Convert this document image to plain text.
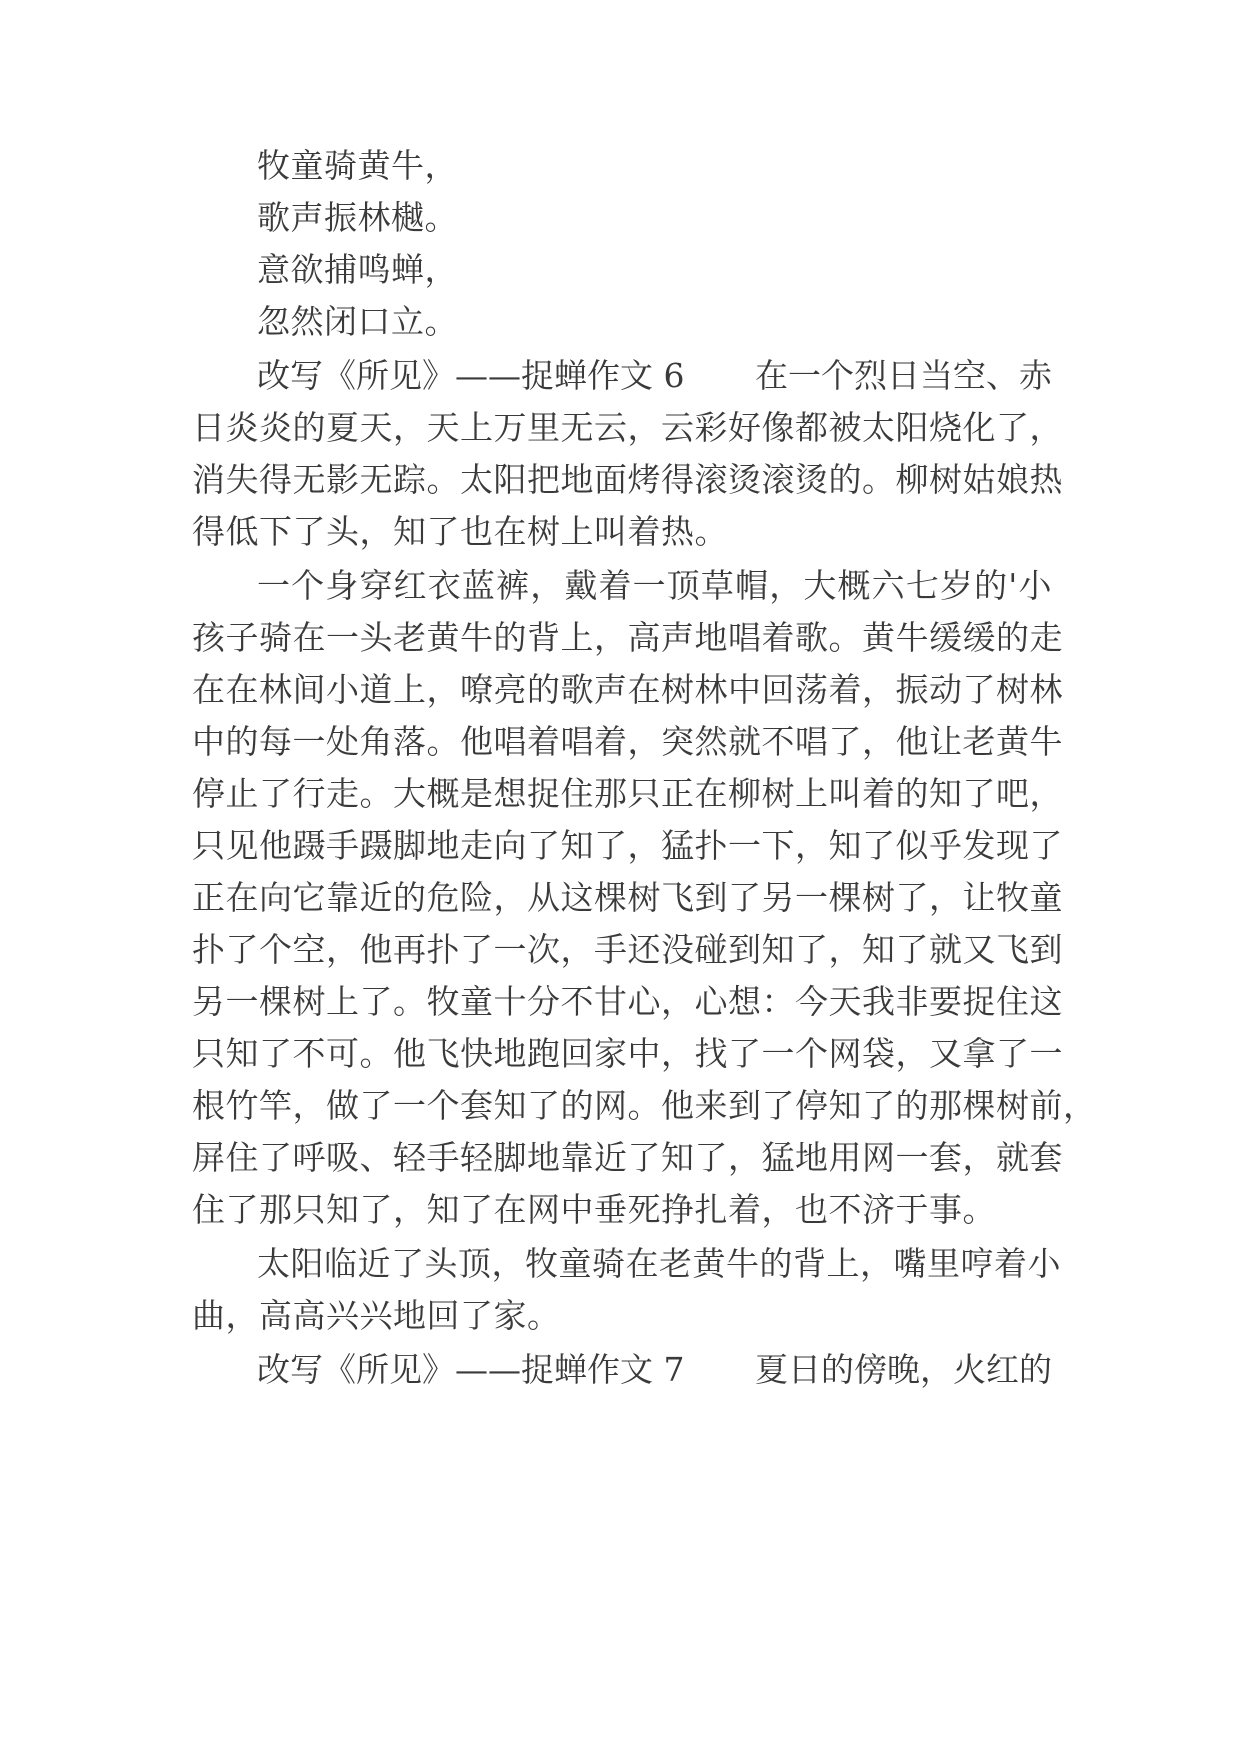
牧童骑黄牛，
歌声振林樾。
意欲捕鸣蝉，
忽然闭口立。
改写《所见》——捉蝉作文 6	在一个烈日当空、赤
日炎炎的夏天，天上万里无云，云彩好像都被太阳烧化了，
消失得无影无踪。太阳把地面烤得滚烫滚烫的。柳树姑娘热
得低下了头，知了也在树上叫着热。
一个身穿红衣蓝裤，戴着一顶草帽，大概六七岁的'小
孩子骑在一头老黄牛的背上，高声地唱着歌。黄牛缓缓的走
在在林间小道上，嘹亮的歌声在树林中回荡着，振动了树林
中的每一处角落。他唱着唱着，突然就不唱了，他让老黄牛
停止了行走。大概是想捉住那只正在柳树上叫着的知了吧，
只见他蹑手蹑脚地走向了知了，猛扑一下，知了似乎发现了
正在向它靠近的危险，从这棵树飞到了另一棵树了，让牧童
扑了个空，他再扑了一次，手还没碰到知了，知了就又飞到
另一棵树上了。牧童十分不甘心，心想：今天我非要捉住这
只知了不可。他飞快地跑回家中，找了一个网袋，又拿了一
根竹竿，做了一个套知了的网。他来到了停知了的那棵树前，
屏住了呼吸、轻手轻脚地靠近了知了，猛地用网一套，就套
住了那只知了，知了在网中垂死挣扎着，也不济于事。
太阳临近了头顶，牧童骑在老黄牛的背上，嘴里哼着小
曲，高高兴兴地回了家。
改写《所见》——捉蝉作文 7	夏日的傍晚，火红的
